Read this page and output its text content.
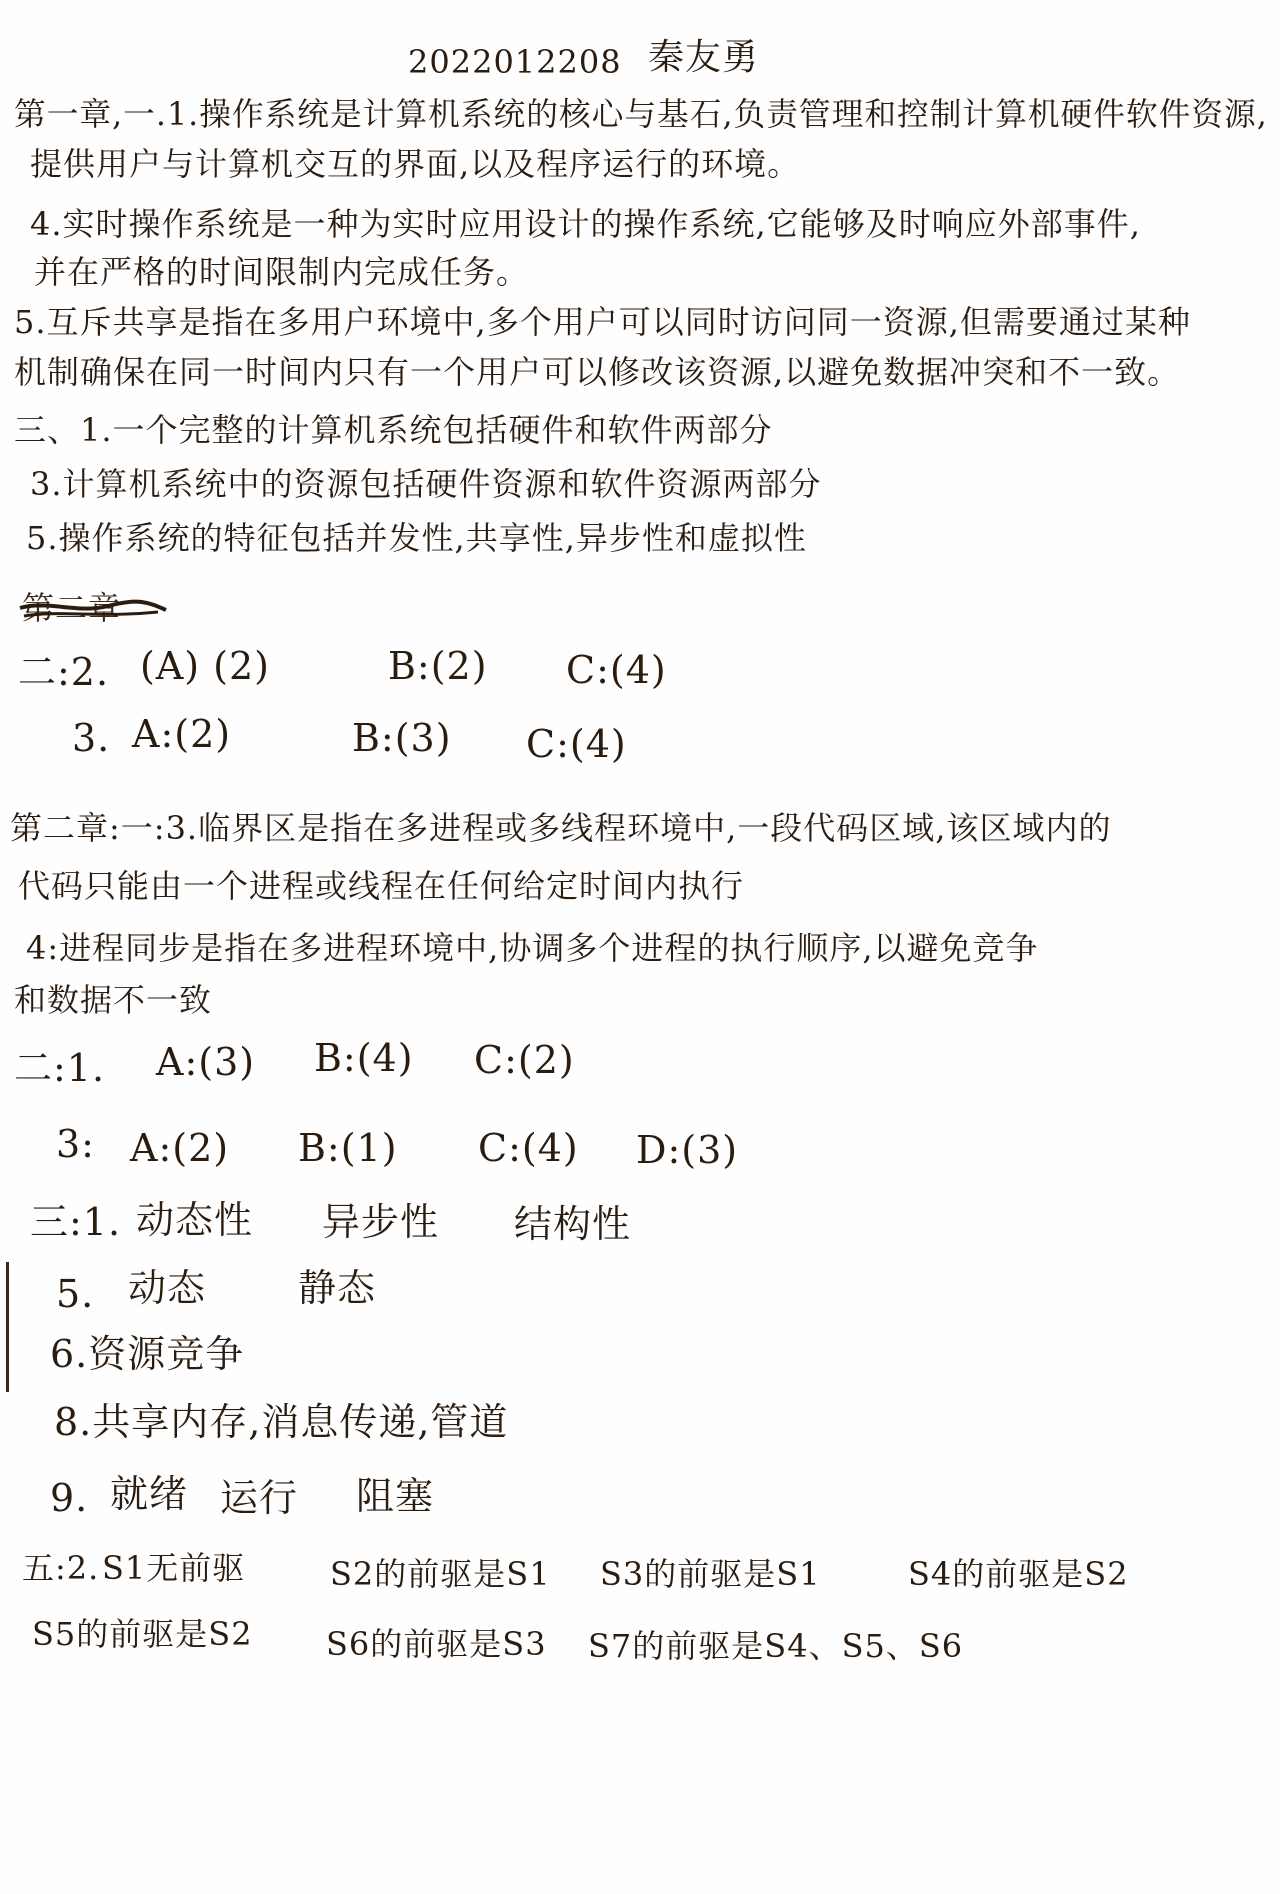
2022012208 秦友勇
第一章,一.1.操作系统是计算机系统的核心与基石,负责管理和控制计算机硬件软件资源,
提供用户与计算机交互的界面,以及程序运行的环境。
4.实时操作系统是一种为实时应用设计的操作系统,它能够及时响应外部事件,
并在严格的时间限制内完成任务。
5.互斥共享是指在多用户环境中,多个用户可以同时访问同一资源,但需要通过某种
机制确保在同一时间内只有一个用户可以修改该资源,以避免数据冲突和不一致。
三、1.一个完整的计算机系统包括硬件和软件两部分
3.计算机系统中的资源包括硬件资源和软件资源两部分
5.操作系统的特征包括并发性,共享性,异步性和虚拟性
第二章
二:2. (A) (2)	B:(2) C:(4)
3. A:(2)	B:(3) C:(4)
第二章:一:3.临界区是指在多进程或多线程环境中,一段代码区域,该区域内的
代码只能由一个进程或线程在任何给定时间内执行
4:进程同步是指在多进程环境中,协调多个进程的执行顺序,以避免竞争
和数据不一致
二:1. A:(3) B:(4) C:(2)
3: A:(2) B:(1) C:(4) D:(3)
三:1. 动态性 异步性 结构性
5. 动态 静态
6.资源竞争
8.共享内存,消息传递,管道
9. 就绪 运行 阻塞
五:2. S1无前驱	S2的前驱是S1 S3的前驱是S1	S4的前驱是S2
S5的前驱是S2 S6的前驱是S3 S7的前驱是S4、S5、S6
